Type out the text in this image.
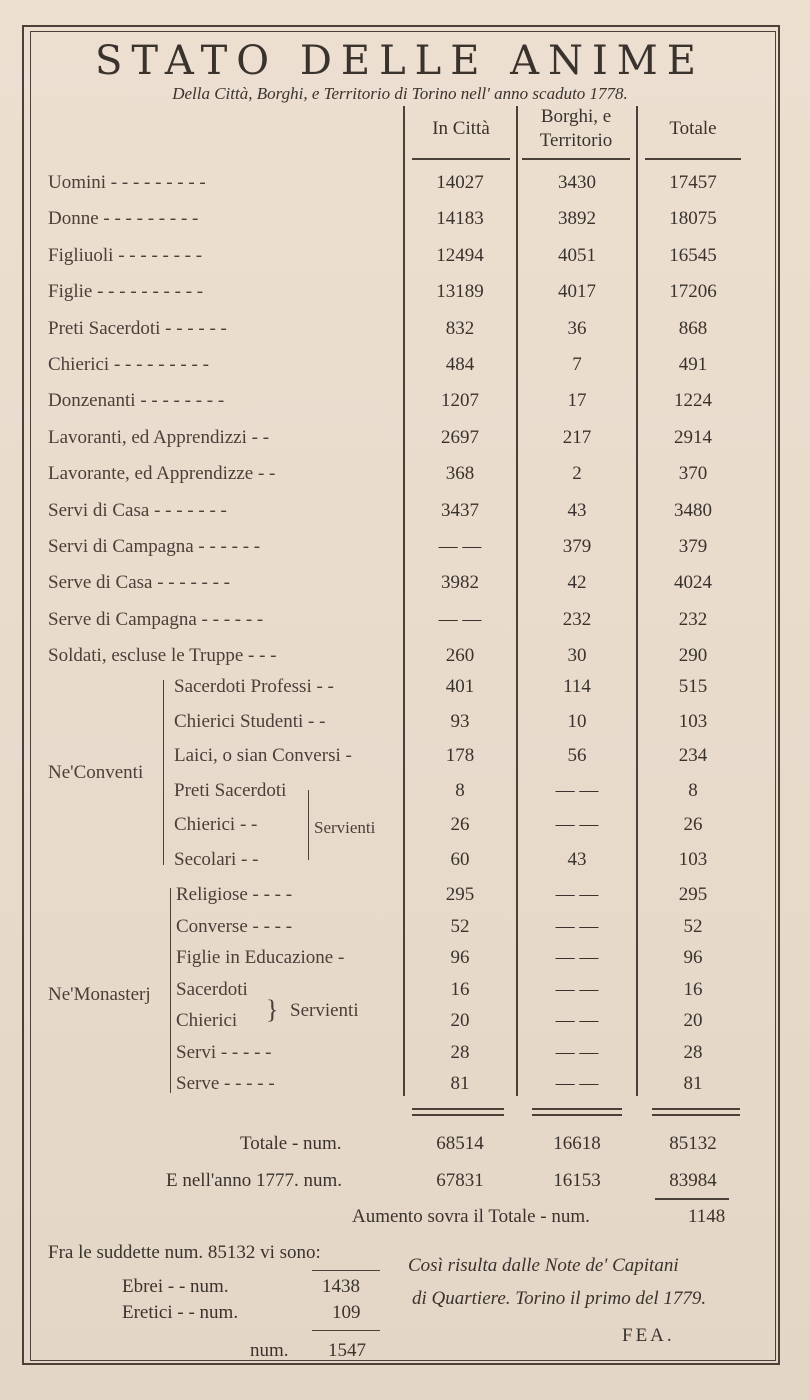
STATO DELLE ANIME
Della Città, Borghi, e Territorio di Torino nell' anno scaduto 1778.
In Città
Borghi, e
Territorio
Totale
Ne'Conventi
Servienti
Ne'Monasterj
} Servienti
Totale - num.	68514	16618	85132
E nell'anno 1777. num.	67831	16153	83984
Aumento sovra il Totale - num.	1148
Fra le suddette num. 85132 vi sono:
Ebrei - - num.	1438
Eretici - - num.	109
num. 1547
Così risulta dalle Note de' Capitani
di Quartiere. Torino il primo del 1779.
FEA.
Uomini - - - - - - - - -	14027	3430	17457
Donne - - - - - - - - -	14183	3892	18075
Figliuoli - - - - - - - -	12494	4051	16545
Figlie - - - - - - - - - -	13189	4017	17206
Preti Sacerdoti - - - - - -	832	36	868
Chierici - - - - - - - - -	484	7	491
Donzenanti - - - - - - - -	1207	17	1224
Lavoranti, ed Apprendizzi - -	2697	217	2914
Lavorante, ed Apprendizze - -	368	2	370
Servi di Casa - - - - - - -	3437	43	3480
Servi di Campagna - - - - - -	— —	379	379
Serve di Casa - - - - - - -	3982	42	4024
Serve di Campagna - - - - - -	— —	232	232
Soldati, escluse le Truppe - - -	260	30	290
Sacerdoti Professi - -	401	114	515
Chierici Studenti - -	93	10	103
Laici, o sian Conversi -	178	56	234
Preti Sacerdoti	8	— —	8
Chierici - -	26	— —	26
Secolari - -	60	43	103
Religiose - - - -	295	— —	295
Converse - - - -	52	— —	52
Figlie in Educazione -	96	— —	96
Sacerdoti	16	— —	16
Chierici	20	— —	20
Servi - - - - -	28	— —	28
Serve - - - - -	81	— —	81
